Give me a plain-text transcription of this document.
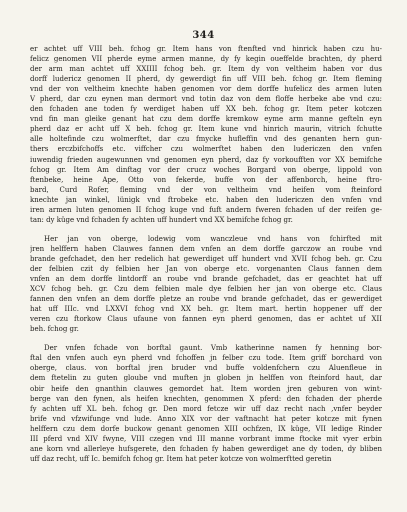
344
er achtet uff VIII beh. fchog gr. Item hans von ftenfted vnd hinrick haben czu hu-
felicz genomen VII pherde eyme armen manne, dy fy kegin oueffelde brachten, dy pherd
der arm man achtet uff XXIIII fchog beh. gr. Item dy von veltheim haben vor dus
dorff ludericz genomen II pherd, dy gewerdigt fin uff VIII beh. fchog gr. Item fleming
vnd der von veltheim knechte haben genomen vor dem dorffe hufelicz des armen luten
V pherd, dar czu eynen man dermort vnd totin daz von dem floffe herbeke abe vnd czu:
den fchaden ane toden fy werdiget haben uff XX beh. fchog gr. Item peter kotczen
vnd fin man gleike genant hat czu dem dorffe kremkow eyme arm manne gefteln eyn
pherd daz er acht uff X beh. fchog gr. Item kune vnd hinrich maurin, vitrich fchutte
alle holtefinde czu wolmerftet, dar czu fmycke hufleffin vnd des genanten hern gun-
thers erczbifchoffs etc. viffcher czu wolmerftet haben den ludericzen den vnfen
iuwendig frieden augewunnen vnd genomen eyn pherd, daz fy vorkoufften vor XX bemifche
fchog gr. Item Am dinftag vor der crucz woches Borgard von oberge, lippold von
ftenbeke, heine Ape, Otto von fekerde, buffe von der affenborch, heine ftro-
bard, Curd Rofer, fleming vnd der von veltheim vnd heifen vom fteinford
knechte jan winkel, lünigk vnd ftrobeke etc. haben den ludericzen den vnfen vnd
iren armen luten genomen II fchog kuge vnd fuft andern fweren fchaden uf der reifen ge-
tan: dy küge vnd fchaden fy achten uff hundert vnd XX bemifche fchog gr.
Her jan von oberge, lodewig vom wanczleue vnd hans von fchirfted mit
jren helffern haben Clauwes fannen dem vnfen an dem dorffe garczow an roube vnd
brande gefchadet, den her redelich hat gewerdiget uff hundert vnd XVII fchog beh. gr. Czu
der felbien czit dy felbien her Jan von oberge etc. vorgenanten Claus fannen dem
vnfen an dem dorffe lintdorff an roube vnd brande gefchadet, das er geachtet hat uff
XCV fchog beh. gr. Czu dem felbien male dye felbien her jan von oberge etc. Claus
fannen den vnfen an dem dorffe pletze an roube vnd brande gefchadet, das er gewerdiget
hat uff IIIc. vnd LXXVI fchog vnd XX beh. gr. Item mart. hertin hoppener uff der
veren czu ftorkow Claus ufaune von fannen eyn pherd genomen, das er achtet uf XII
beh. fchog gr.
Der vnfen fchade von borftal gaunt. Vmb katherinne namen fy henning bor-
ftal den vnfen auch eyn pherd vnd fchoffen jn felber czu tode. Item griff borchard von
oberge, claus. von borftal jren bruder vnd buffe voldenfchern czu Aluenfleue in
dem ftetelin zu guten gloube vnd muften jn globen jn helffen von fteinford haut, dar
obir heife den gnanthin clauwes gemordet hat. Item worden jren geburen von wint-
berge van den fynen, als heifen knechten, genommen X pferd: den fchaden der pherde
fy achten uff XL beh. fchog gr. Den mord fetcze wir uff daz recht nach ,vnfer beyder
brife vnd vfzwifunge vnd lude. Anno XIX vor der vaftnacht hat peter kotcze mit fynen
helffern czu dem dorfe buckow genant genomen XIII ochfzen, IX küge, VII ledige Rinder
III pferd vnd XIV fwyne, VIII czegen vnd III manne vorbrant imme ftocke mit vyer erbin
ane korn vnd allerleye hufsgerete, den fchaden fy haben gewerdiget ane dy toden, dy bliben
uff daz recht, uff Ic. bemifch fchog gr. Item hat peter kotcze von wolmerftted geretin
